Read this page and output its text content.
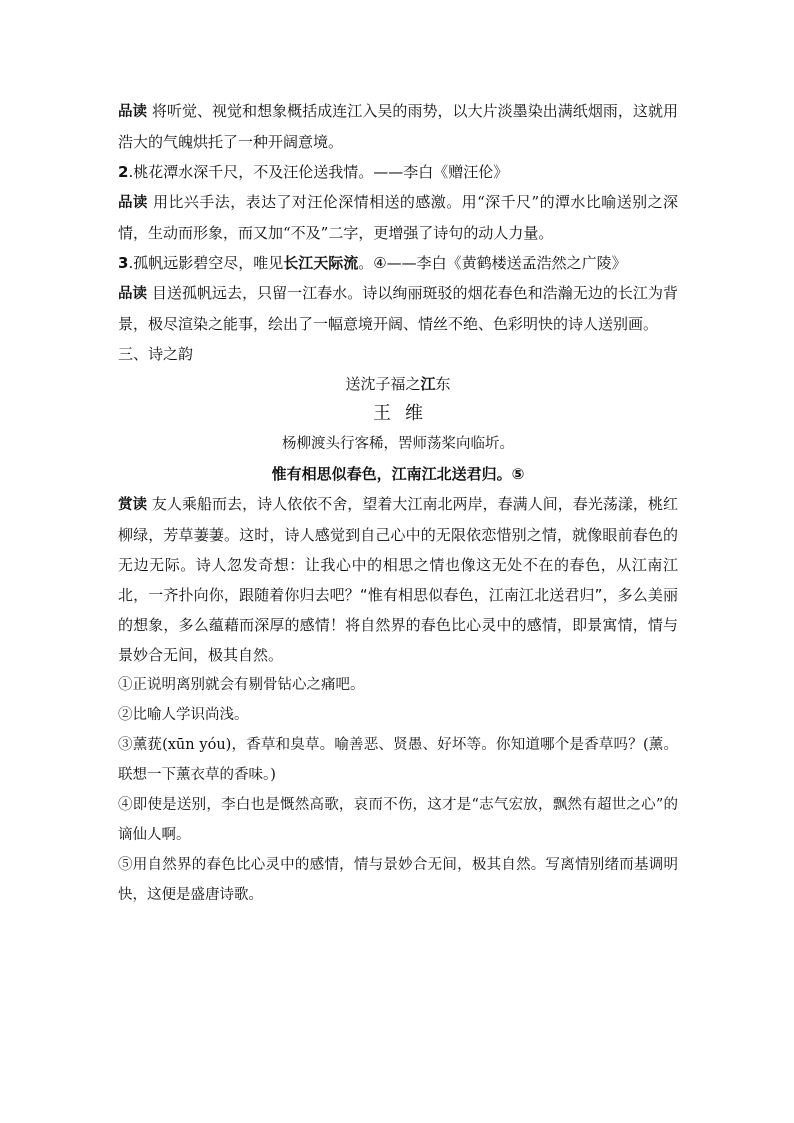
品读 将听觉、视觉和想象概括成连江入吴的雨势，以大片淡墨染出满纸烟雨，这就用浩大的气魄烘托了一种开阔意境。

2.桃花潭水深千尺，不及汪伦送我情。——李白《赠汪伦》

品读 用比兴手法，表达了对汪伦深情相送的感激。用“深千尺”的潭水比喻送别之深情，生动而形象，而又加“不及”二字，更增强了诗句的动人力量。

3.孤帆远影碧空尽，唯见长江天际流。④——李白《黄鹤楼送孟浩然之广陵》

品读 目送孤帆远去，只留一江春水。诗以绚丽斑驳的烟花春色和浩瀚无边的长江为背景，极尽渲染之能事，绘出了一幅意境开阔、情丝不绝、色彩明快的诗人送别画。

三、诗之韵

送沈子福之江东

王维

杨柳渡头行客稀，罟师荡桨向临圻。

惟有相思似春色，江南江北送君归。⑤

赏读 友人乘船而去，诗人依依不舍，望着大江南北两岸，春满人间，春光荡漾，桃红柳绿，芳草萋萋。这时，诗人感觉到自己心中的无限依恋惜别之情，就像眼前春色的无边无际。诗人忽发奇想：让我心中的相思之情也像这无处不在的春色，从江南江北，一齐扑向你，跟随着你归去吧？“惟有相思似春色，江南江北送君归”，多么美丽的想象，多么蕴藉而深厚的感情！将自然界的春色比心灵中的感情，即景寓情，情与景妙合无间，极其自然。

①正说明离别就会有剔骨钻心之痛吧。

②比喻人学识尚浅。

③薰莸(xūn yóu)，香草和臭草。喻善恶、贤愚、好坏等。你知道哪个是香草吗？(薰。联想一下薰衣草的香味。)

④即使是送别，李白也是慨然高歌，哀而不伤，这才是“志气宏放，飘然有超世之心”的谪仙人啊。

⑤用自然界的春色比心灵中的感情，情与景妙合无间，极其自然。写离情别绪而基调明快，这便是盛唐诗歌。
